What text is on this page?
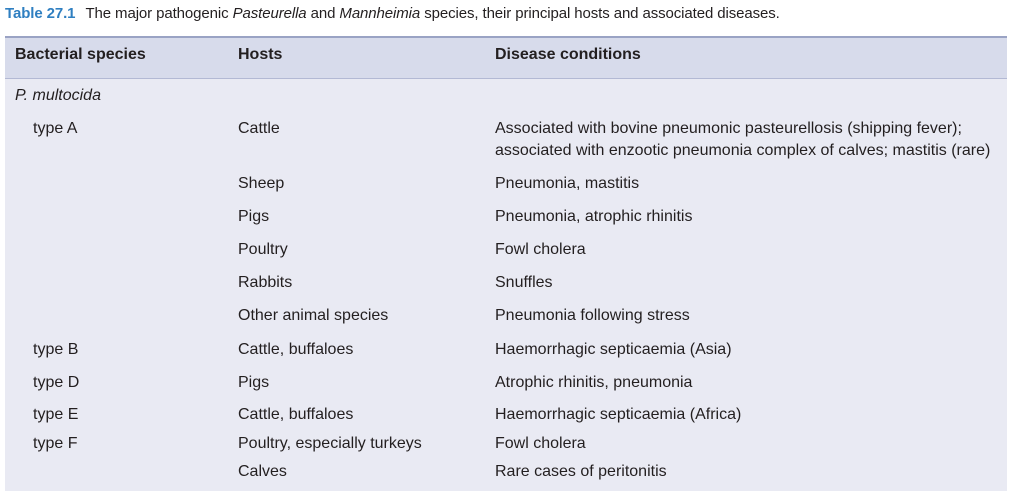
Table 27.1 The major pathogenic Pasteurella and Mannheimia species, their principal hosts and associated diseases.
Bacterial species	Hosts	Disease conditions
P. multocida
type A	Cattle	Associated with bovine pneumonic pasteurellosis (shipping fever);
associated with enzootic pneumonia complex of calves; mastitis (rare)
Sheep	Pneumonia, mastitis
Pigs	Pneumonia, atrophic rhinitis
Poultry	Fowl cholera
Rabbits	Snuffles
Other animal species	Pneumonia following stress
type B	Cattle, buffaloes	Haemorrhagic septicaemia (Asia)
type D	Pigs	Atrophic rhinitis, pneumonia
type E	Cattle, buffaloes	Haemorrhagic septicaemia (Africa)
type F	Poultry, especially turkeys	Fowl cholera
Calves	Rare cases of peritonitis
